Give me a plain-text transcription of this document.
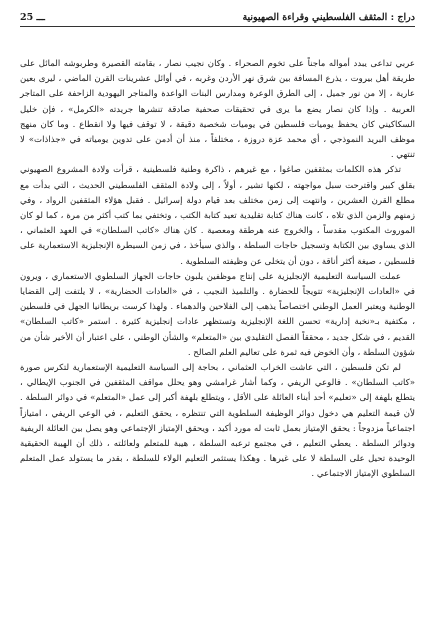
دراج : المثقف الفلسطيني وقراءة الصهيونية
ـــ 25

عربي تداعى يبدد أمواله ماجناً على تخوم الصحراء . وكان نجيب نصار ، بقامته القصيرة وطربوشه المائل على طريقة أهل بيروت ، يذرع المسافة بين شرق نهر الأردن وغربه ، في أوائل عشرينات القرن الماضي ، ليرى بعين عارية ، إلا من نور جميل ، إلى الطرق الوعرة ومدارس البنات الواعدة والمتاجر اليهودية الزاحفة على المتاجر العربية . وإذا كان نصار يضع ما يرى في تحقيقات صحفية صادقة تنشرها جريدته «الكرمل» ، فإن خليل السكاكيني كان يحفظ يوميات فلسطين في يوميات شخصية دقيقة ، لا توقف فيها ولا انقطاع . وما كان منهج موظف البريد النموذجي ، أي محمد عزة دروزة ، مختلفاً ، منذ أن أدمن على تدوين يومياته في «جذاذات» لا تنتهي .

تذكر هذه الكلمات بمثقفين صاغوا ، مع غيرهم ، ذاكرة وطنية فلسطينية ، قرأت ولادة المشروع الصهيوني بقلق كبير واقترحت سبل مواجهته ، لكنها تشير ، أولاً ، إلى ولادة المثقف الفلسطيني الحديث ، التي بدأت مع مطلع القرن العشرين ، وانتهت إلى زمن مختلف بعد قيام دولة إسرائيل . فقبل هؤلاء المثقفين الرواد ، وفي زمنهم والزمن الذي تلاه ، كانت هناك كتابة تقليدية تعيد كتابة الكتب ، وتختفي بما كتب أكثر من مرة ، كما لو كان الموروث المكتوب مقدساً ، والخروج عنه هرطقة ومعصية . كان هناك «كاتب السلطان» في العهد العثماني ، الذي يساوي بين الكتابة وتسجيل حاجات السلطة ، والذي سيأخذ ، في زمن السيطرة الإنجليزية الاستعمارية على فلسطين ، صيغة أكثر أناقة ، دون أن يتخلى عن وظيفته السلطوية .

عملت السياسة التعليمية الإنجليزية على إنتاج موظفين يلبون حاجات الجهاز السلطوي الاستعماري ، ويرون في «العادات الإنجليزية» تتويجاً للحضارة . والتلميذ النجيب ، في «العادات الحضارية» ، لا يلتفت إلى القضايا الوطنية ويعتبر العمل الوطني اختصاصاً يذهب إلى الفلاحين والدهماء . ولهذا كرست بريطانيا الجهل في فلسطين ، مكتفية بـ«نخبة إدارية» تحسن اللغة الإنجليزية وتستظهر عادات إنجليزية كثيرة . استمر «كاتب السلطان» القديم ، في شكل جديد ، محققاً الفصل التقليدي بين «المتعلم» والشأن الوطني ، على اعتبار أن الأخير شأن من شؤون السلطة ، وأن الخوض فيه ثمرة على تعاليم العلم الصالح .

لم تكن فلسطين ، التي عاشت الخراب العثماني ، بحاجة إلى السياسة التعليمية الإستعمارية لتكرس صورة «كاتب السلطان» . فالوعي الريفي ، وكما أشار غرامشي وهو يحلل مواقف المثقفين في الجنوب الإيطالي ، يتطلع بلهفة إلى «تعليم» أحد أبناء العائلة على الأقل ، ويتطلع بلهفة أكبر إلى عمل «المتعلم» في دوائر السلطة . لأن قيمة التعليم هي دخول دوائر الوظيفة السلطوية التي تنتظره ، يحقق التعليم ، في الوعي الريفي ، امتيازاً اجتماعياً مزدوجاً : يحقق الإمتياز بعمل ثابت له مورد أكيد ، ويحقق الإمتياز الإجتماعي وهو يصل بين العائلة الريفية ودوائر السلطة . يعطي التعليم ، في مجتمع ترعبه السلطة ، هيبة للمتعلم ولعائلته ، ذلك أن الهيبة الحقيقية الوحيدة تحيل على السلطة لا على غيرها . وهكذا يستثمر التعليم الولاء للسلطة ، بقدر ما يستولد عمل المتعلم السلطوي الإمتياز الاجتماعي .
